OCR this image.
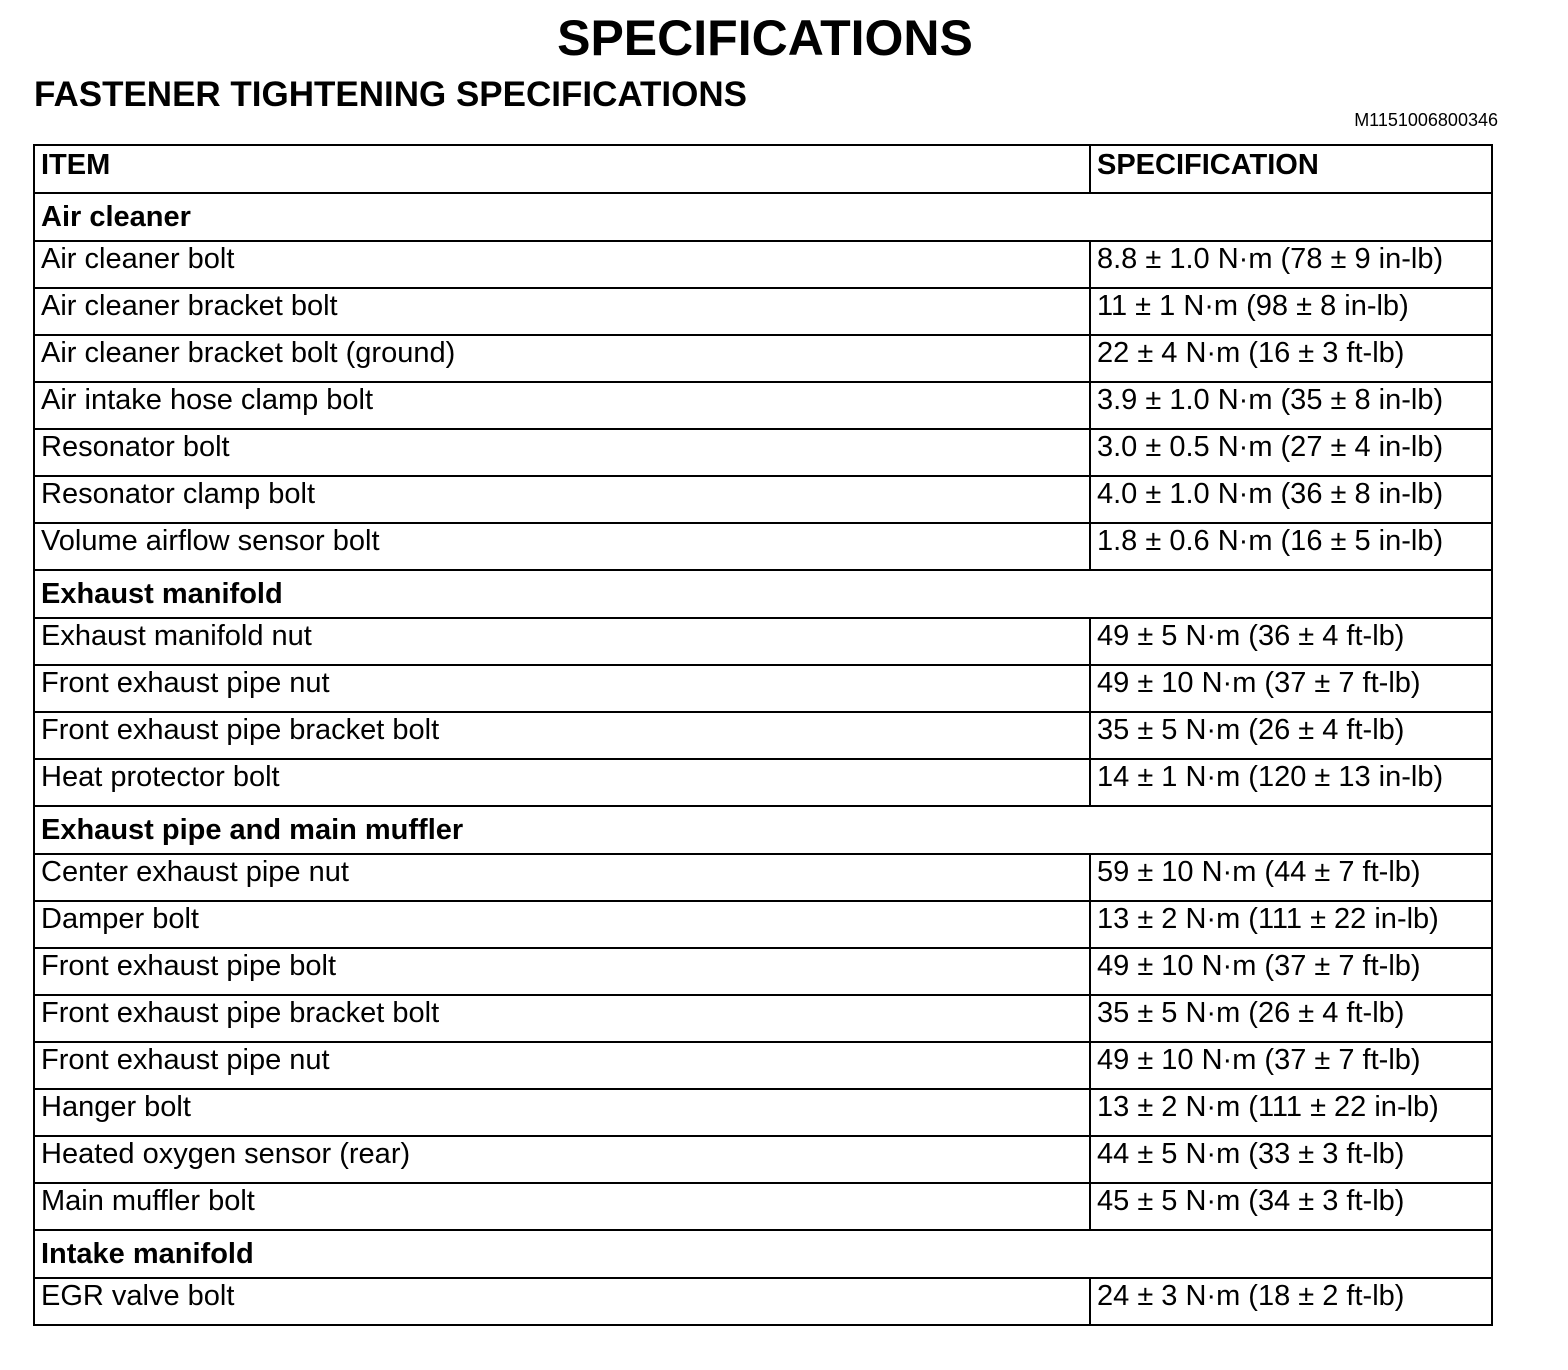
SPECIFICATIONS
FASTENER TIGHTENING SPECIFICATIONS
M1151006800346
ITEM	SPECIFICATION
Air cleaner	
Air cleaner bolt	8.8 ± 1.0 N·m (78 ± 9 in-lb)
Air cleaner bracket bolt	11 ± 1 N·m (98 ± 8 in-lb)
Air cleaner bracket bolt (ground)	22 ± 4 N·m (16 ± 3 ft-lb)
Air intake hose clamp bolt	3.9 ± 1.0 N·m (35 ± 8 in-lb)
Resonator bolt	3.0 ± 0.5 N·m (27 ± 4 in-lb)
Resonator clamp bolt	4.0 ± 1.0 N·m (36 ± 8 in-lb)
Volume airflow sensor bolt	1.8 ± 0.6 N·m (16 ± 5 in-lb)
Exhaust manifold	
Exhaust manifold nut	49 ± 5 N·m (36 ± 4 ft-lb)
Front exhaust pipe nut	49 ± 10 N·m (37 ± 7 ft-lb)
Front exhaust pipe bracket bolt	35 ± 5 N·m (26 ± 4 ft-lb)
Heat protector bolt	14 ± 1 N·m (120 ± 13 in-lb)
Exhaust pipe and main muffler	
Center exhaust pipe nut	59 ± 10 N·m (44 ± 7 ft-lb)
Damper bolt	13 ± 2 N·m (111 ± 22 in-lb)
Front exhaust pipe bolt	49 ± 10 N·m (37 ± 7 ft-lb)
Front exhaust pipe bracket bolt	35 ± 5 N·m (26 ± 4 ft-lb)
Front exhaust pipe nut	49 ± 10 N·m (37 ± 7 ft-lb)
Hanger bolt	13 ± 2 N·m (111 ± 22 in-lb)
Heated oxygen sensor (rear)	44 ± 5 N·m (33 ± 3 ft-lb)
Main muffler bolt	45 ± 5 N·m (34 ± 3 ft-lb)
Intake manifold	
EGR valve bolt	24 ± 3 N·m (18 ± 2 ft-lb)
